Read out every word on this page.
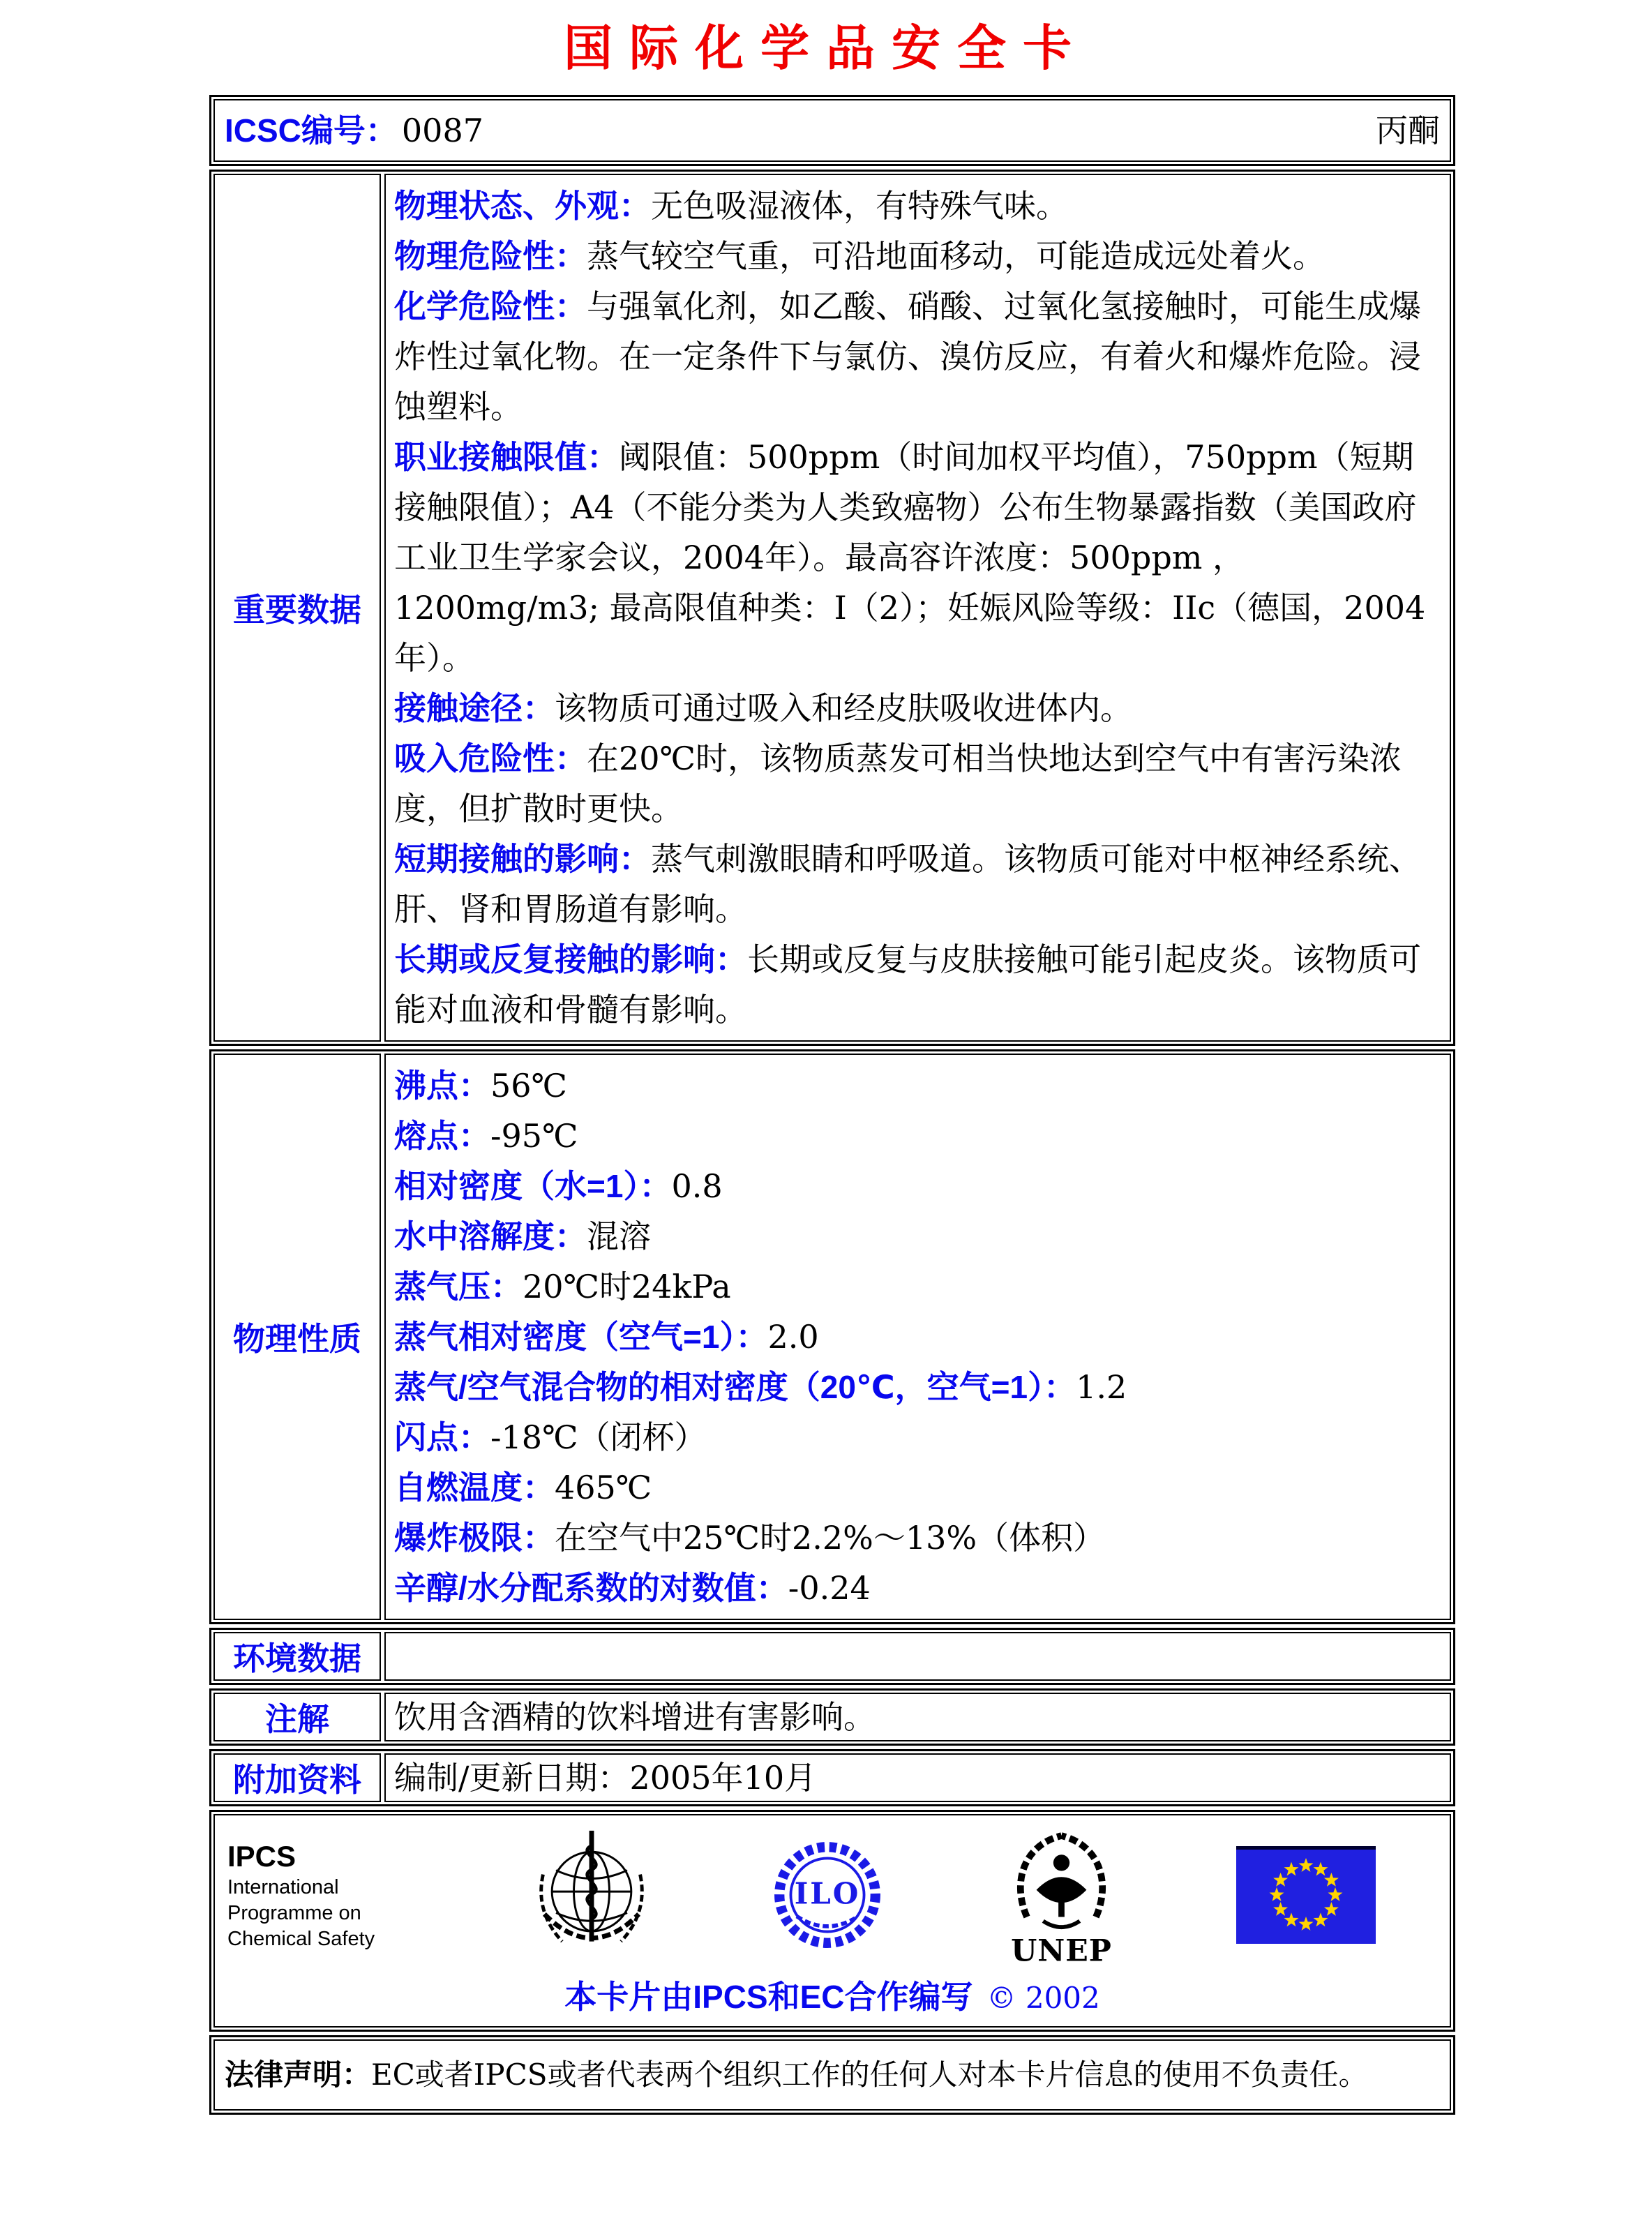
国际化学品安全卡
ICSC编号： 0087	丙酮
重要数据

物理状态、外观：无色吸湿液体，有特殊气味。

物理危险性：蒸气较空气重，可沿地面移动，可能造成远处着火。

化学危险性：与强氧化剂，如乙酸、硝酸、过氧化氢接触时，可能生成爆炸性过氧化物。在一定条件下与氯仿、溴仿反应，有着火和爆炸危险。浸蚀塑料。

职业接触限值：阈限值：500ppm（时间加权平均值），750ppm（短期接触限值）；A4（不能分类为人类致癌物）公布生物暴露指数（美国政府工业卫生学家会议，2004年）。最高容许浓度：500ppm ，1200mg/m3; 最高限值种类：I（2）；妊娠风险等级：IIc（德国，2004年）。

接触途径：该物质可通过吸入和经皮肤吸收进体内。

吸入危险性：在20℃时，该物质蒸发可相当快地达到空气中有害污染浓度，但扩散时更快。

短期接触的影响：蒸气刺激眼睛和呼吸道。该物质可能对中枢神经系统、肝、肾和胃肠道有影响。

长期或反复接触的影响：长期或反复与皮肤接触可能引起皮炎。该物质可能对血液和骨髓有影响。

物理性质

沸点：56℃

熔点：-95℃

相对密度（水=1）：0.8

水中溶解度：混溶

蒸气压：20℃时24kPa

蒸气相对密度（空气=1）：2.0

蒸气/空气混合物的相对密度（20℃，空气=1）：1.2

闪点：-18℃（闭杯）

自燃温度：465℃

爆炸极限：在空气中25℃时2.2%～13%（体积）

辛醇/水分配系数的对数值：-0.24

环境数据
注解	饮用含酒精的饮料增进有害影响。
附加资料	编制/更新日期：2005年10月
IPCS
International
Programme on
Chemical Safety
ILO
UNEP
本卡片由IPCS和EC合作编写 © 2002
法律声明：EC或者IPCS或者代表两个组织工作的任何人对本卡片信息的使用不负责任。
